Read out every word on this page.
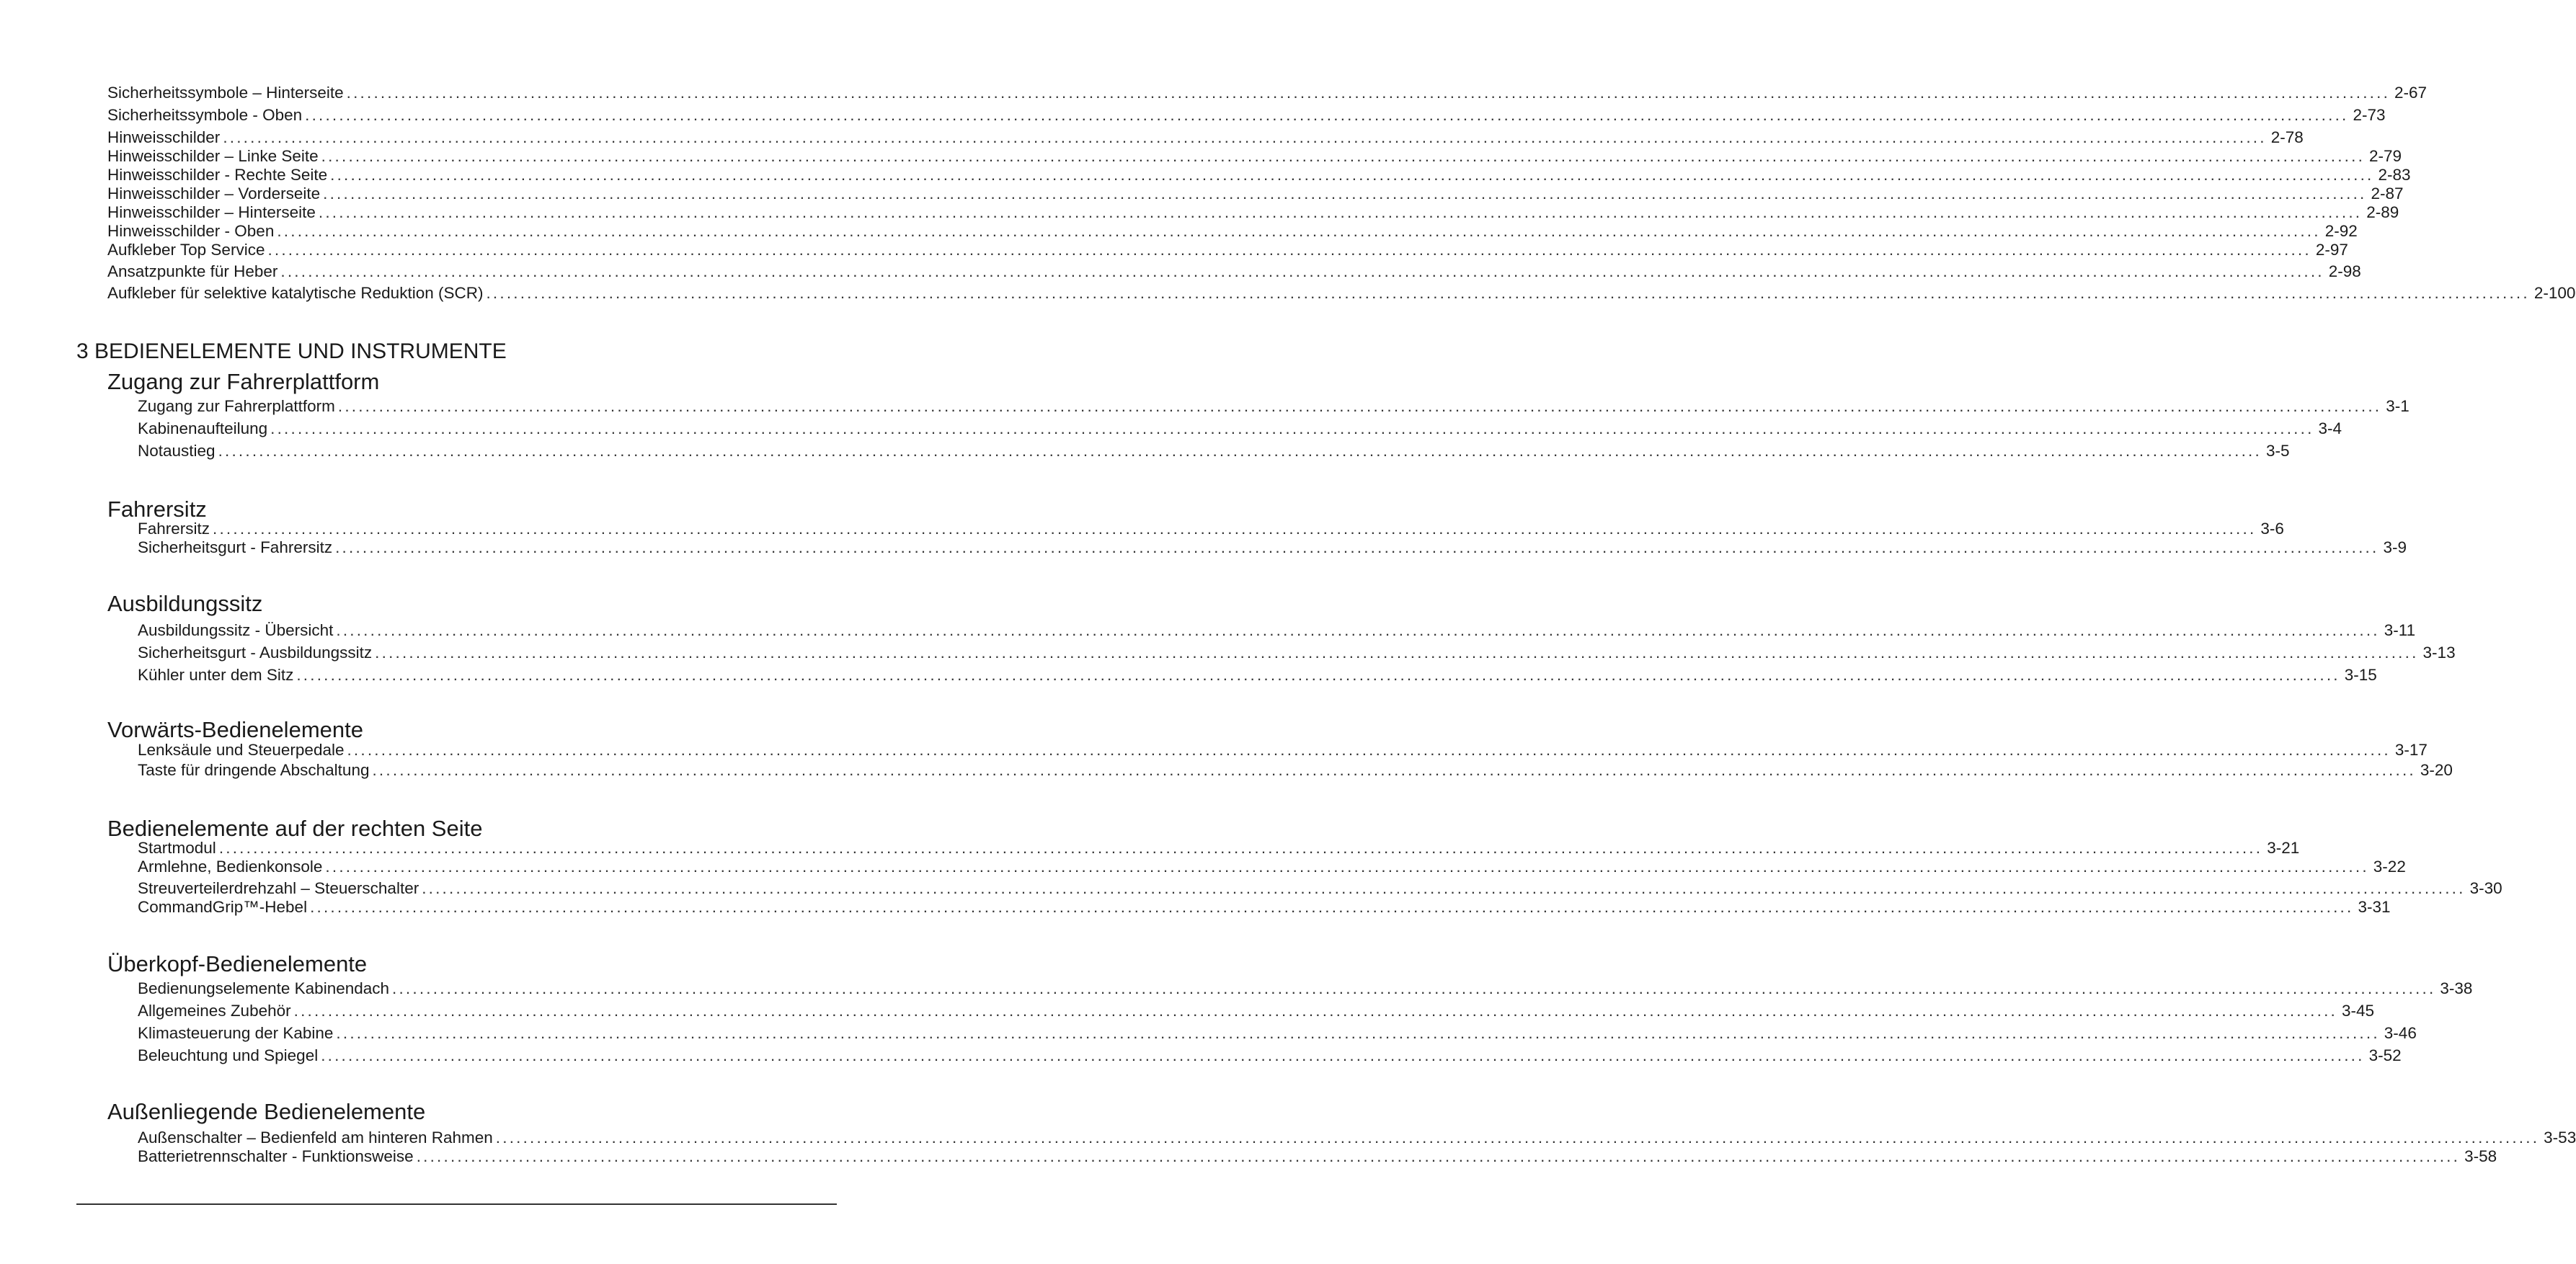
Sicherheitssymbole – Hinterseite ............................................................................................................................................................................................................................................................................................................ 2-67
Sicherheitssymbole - Oben ............................................................................................................................................................................................................................................................................................................ 2-73
Hinweisschilder ............................................................................................................................................................................................................................................................................................................ 2-78
Hinweisschilder – Linke Seite ............................................................................................................................................................................................................................................................................................................ 2-79
Hinweisschilder - Rechte Seite ............................................................................................................................................................................................................................................................................................................ 2-83
Hinweisschilder – Vorderseite ............................................................................................................................................................................................................................................................................................................ 2-87
Hinweisschilder – Hinterseite ............................................................................................................................................................................................................................................................................................................ 2-89
Hinweisschilder - Oben ............................................................................................................................................................................................................................................................................................................ 2-92
Aufkleber Top Service ............................................................................................................................................................................................................................................................................................................ 2-97
Ansatzpunkte für Heber ............................................................................................................................................................................................................................................................................................................ 2-98
Aufkleber für selektive katalytische Reduktion (SCR) ............................................................................................................................................................................................................................................................................................................ 2-100
3 BEDIENELEMENTE UND INSTRUMENTE
Zugang zur Fahrerplattform
Zugang zur Fahrerplattform ............................................................................................................................................................................................................................................................................................................ 3-1
Kabinenaufteilung ............................................................................................................................................................................................................................................................................................................ 3-4
Notaustieg ............................................................................................................................................................................................................................................................................................................ 3-5
Fahrersitz
Fahrersitz ............................................................................................................................................................................................................................................................................................................ 3-6
Sicherheitsgurt - Fahrersitz ............................................................................................................................................................................................................................................................................................................ 3-9
Ausbildungssitz
Ausbildungssitz - Übersicht ............................................................................................................................................................................................................................................................................................................ 3-11
Sicherheitsgurt - Ausbildungssitz ............................................................................................................................................................................................................................................................................................................ 3-13
Kühler unter dem Sitz ............................................................................................................................................................................................................................................................................................................ 3-15
Vorwärts-Bedienelemente
Lenksäule und Steuerpedale ............................................................................................................................................................................................................................................................................................................ 3-17
Taste für dringende Abschaltung ............................................................................................................................................................................................................................................................................................................ 3-20
Bedienelemente auf der rechten Seite
Startmodul ............................................................................................................................................................................................................................................................................................................ 3-21
Armlehne, Bedienkonsole ............................................................................................................................................................................................................................................................................................................ 3-22
Streuverteilerdrehzahl – Steuerschalter ............................................................................................................................................................................................................................................................................................................ 3-30
CommandGrip™-Hebel ............................................................................................................................................................................................................................................................................................................ 3-31
Überkopf-Bedienelemente
Bedienungselemente Kabinendach ............................................................................................................................................................................................................................................................................................................ 3-38
Allgemeines Zubehör ............................................................................................................................................................................................................................................................................................................ 3-45
Klimasteuerung der Kabine ............................................................................................................................................................................................................................................................................................................ 3-46
Beleuchtung und Spiegel ............................................................................................................................................................................................................................................................................................................ 3-52
Außenliegende Bedienelemente
Außenschalter – Bedienfeld am hinteren Rahmen ............................................................................................................................................................................................................................................................................................................ 3-53
Batterietrennschalter - Funktionsweise ............................................................................................................................................................................................................................................................................................................ 3-58
